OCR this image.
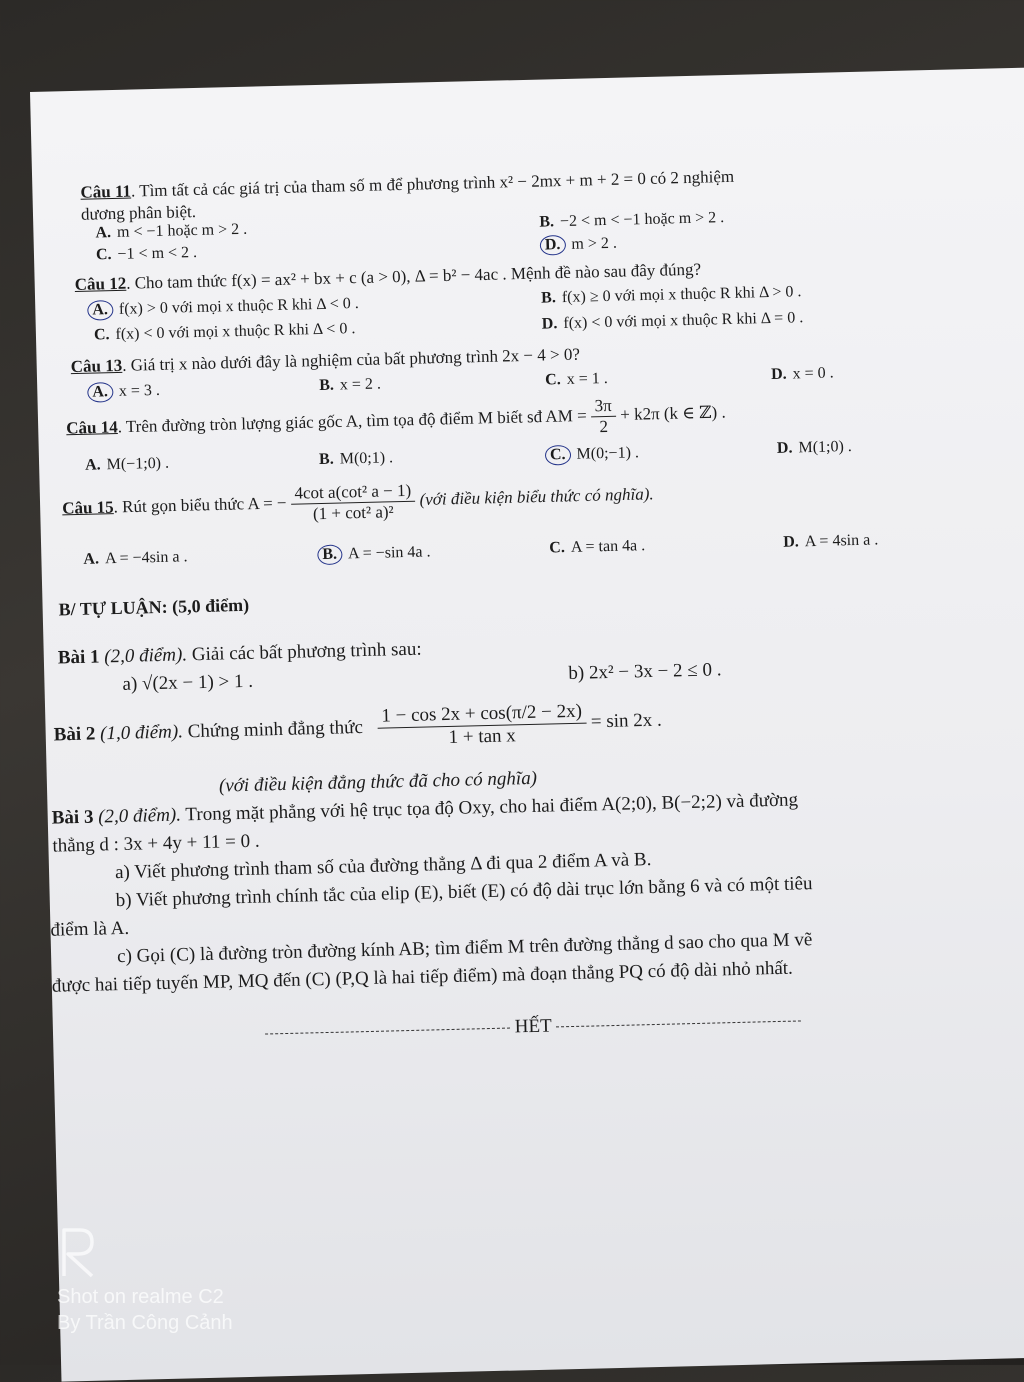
Câu 11. Tìm tất cả các giá trị của tham số m để phương trình x² − 2mx + m + 2 = 0 có 2 nghiệm
dương phân biệt.
A. m < −1 hoặc m > 2 .	B. −2 < m < −1 hoặc m > 2 .
C. −1 < m < 2 .	D. m > 2 .
Câu 12. Cho tam thức f(x) = ax² + bx + c (a > 0), Δ = b² − 4ac . Mệnh đề nào sau đây đúng?
A. f(x) > 0 với mọi x thuộc R khi Δ < 0 .	B. f(x) ≥ 0 với mọi x thuộc R khi Δ > 0 .
C. f(x) < 0 với mọi x thuộc R khi Δ < 0 .	D. f(x) < 0 với mọi x thuộc R khi Δ = 0 .
Câu 13. Giá trị x nào dưới đây là nghiệm của bất phương trình 2x − 4 > 0?
A. x = 3 .	B. x = 2 .	C. x = 1 .	D. x = 0 .
Câu 14. Trên đường tròn lượng giác gốc A, tìm tọa độ điểm M biết sđ AM = $\frac{3\pi}{2} + k2\pi$ (k ∈ ℤ) .
A. M(−1;0) .	B. M(0;1) .	C. M(0;−1) .	D. M(1;0) .
Câu 15. Rút gọn biểu thức A = − $\frac{\text{4cot a(cot² a − 1)}}{\text{(1 + cot² a)²}}$ (với điều kiện biểu thức có nghĩa).
A. A = −4sin a .	B. A = −sin 4a .	C. A = tan 4a .	D. A = 4sin a .
B/ TỰ LUẬN: (5,0 điểm)
Bài 1 (2,0 điểm). Giải các bất phương trình sau:
a) √(2x − 1) > 1 .	b) 2x² − 3x − 2 ≤ 0 .
Bài 2 (1,0 điểm). Chứng minh đẳng thức $\frac{1 - \cos 2x + \cos(\pi/2 - 2x)}{\text{1 + tan x}} = \sin 2x$ .
(với điều kiện đẳng thức đã cho có nghĩa)
Bài 3 (2,0 điểm). Trong mặt phẳng với hệ trục tọa độ Oxy, cho hai điểm A(2;0), B(−2;2) và đường
thẳng d : 3x + 4y + 11 = 0 .
a) Viết phương trình tham số của đường thẳng Δ đi qua 2 điểm A và B.
b) Viết phương trình chính tắc của elip (E), biết (E) có độ dài trục lớn bằng 6 và có một tiêu
điểm là A.
c) Gọi (C) là đường tròn đường kính AB; tìm điểm M trên đường thẳng d sao cho qua M vẽ
được hai tiếp tuyến MP, MQ đến (C) (P,Q là hai tiếp điểm) mà đoạn thẳng PQ có độ dài nhỏ nhất.
HẾT
Shot on realme C2
By Trần Công Cảnh
